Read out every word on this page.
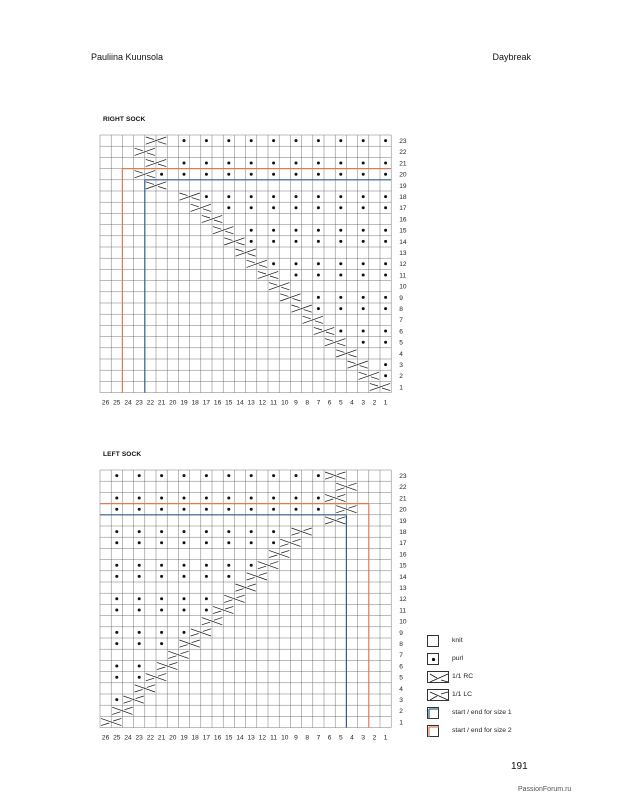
Pauliina Kuunsola	Daybreak
RIGHT SOCK
23
22
21
20
19
18
17
16
15
14
13
12
11
10
9
8
7
6
5
4
3
2
1
26 25 24 23 22 21 20 19 18 17 16 15 14 13 12 11 10 9 8 7 6 5 4 3 2 1
LEFT SOCK
23
22
21
20
19
18
17
16
15
14
13
12
11
10
9
8
7
6
5
4
3
2
1
26 25 24 23 22 21 20 19 18 17 16 15 14 13 12 11 10 9 8 7 6 5 4 3 2 1
knit
purl
1/1 RC
1/1 LC
start / end for size 1
start / end for size 2
191
PassionForum.ru
